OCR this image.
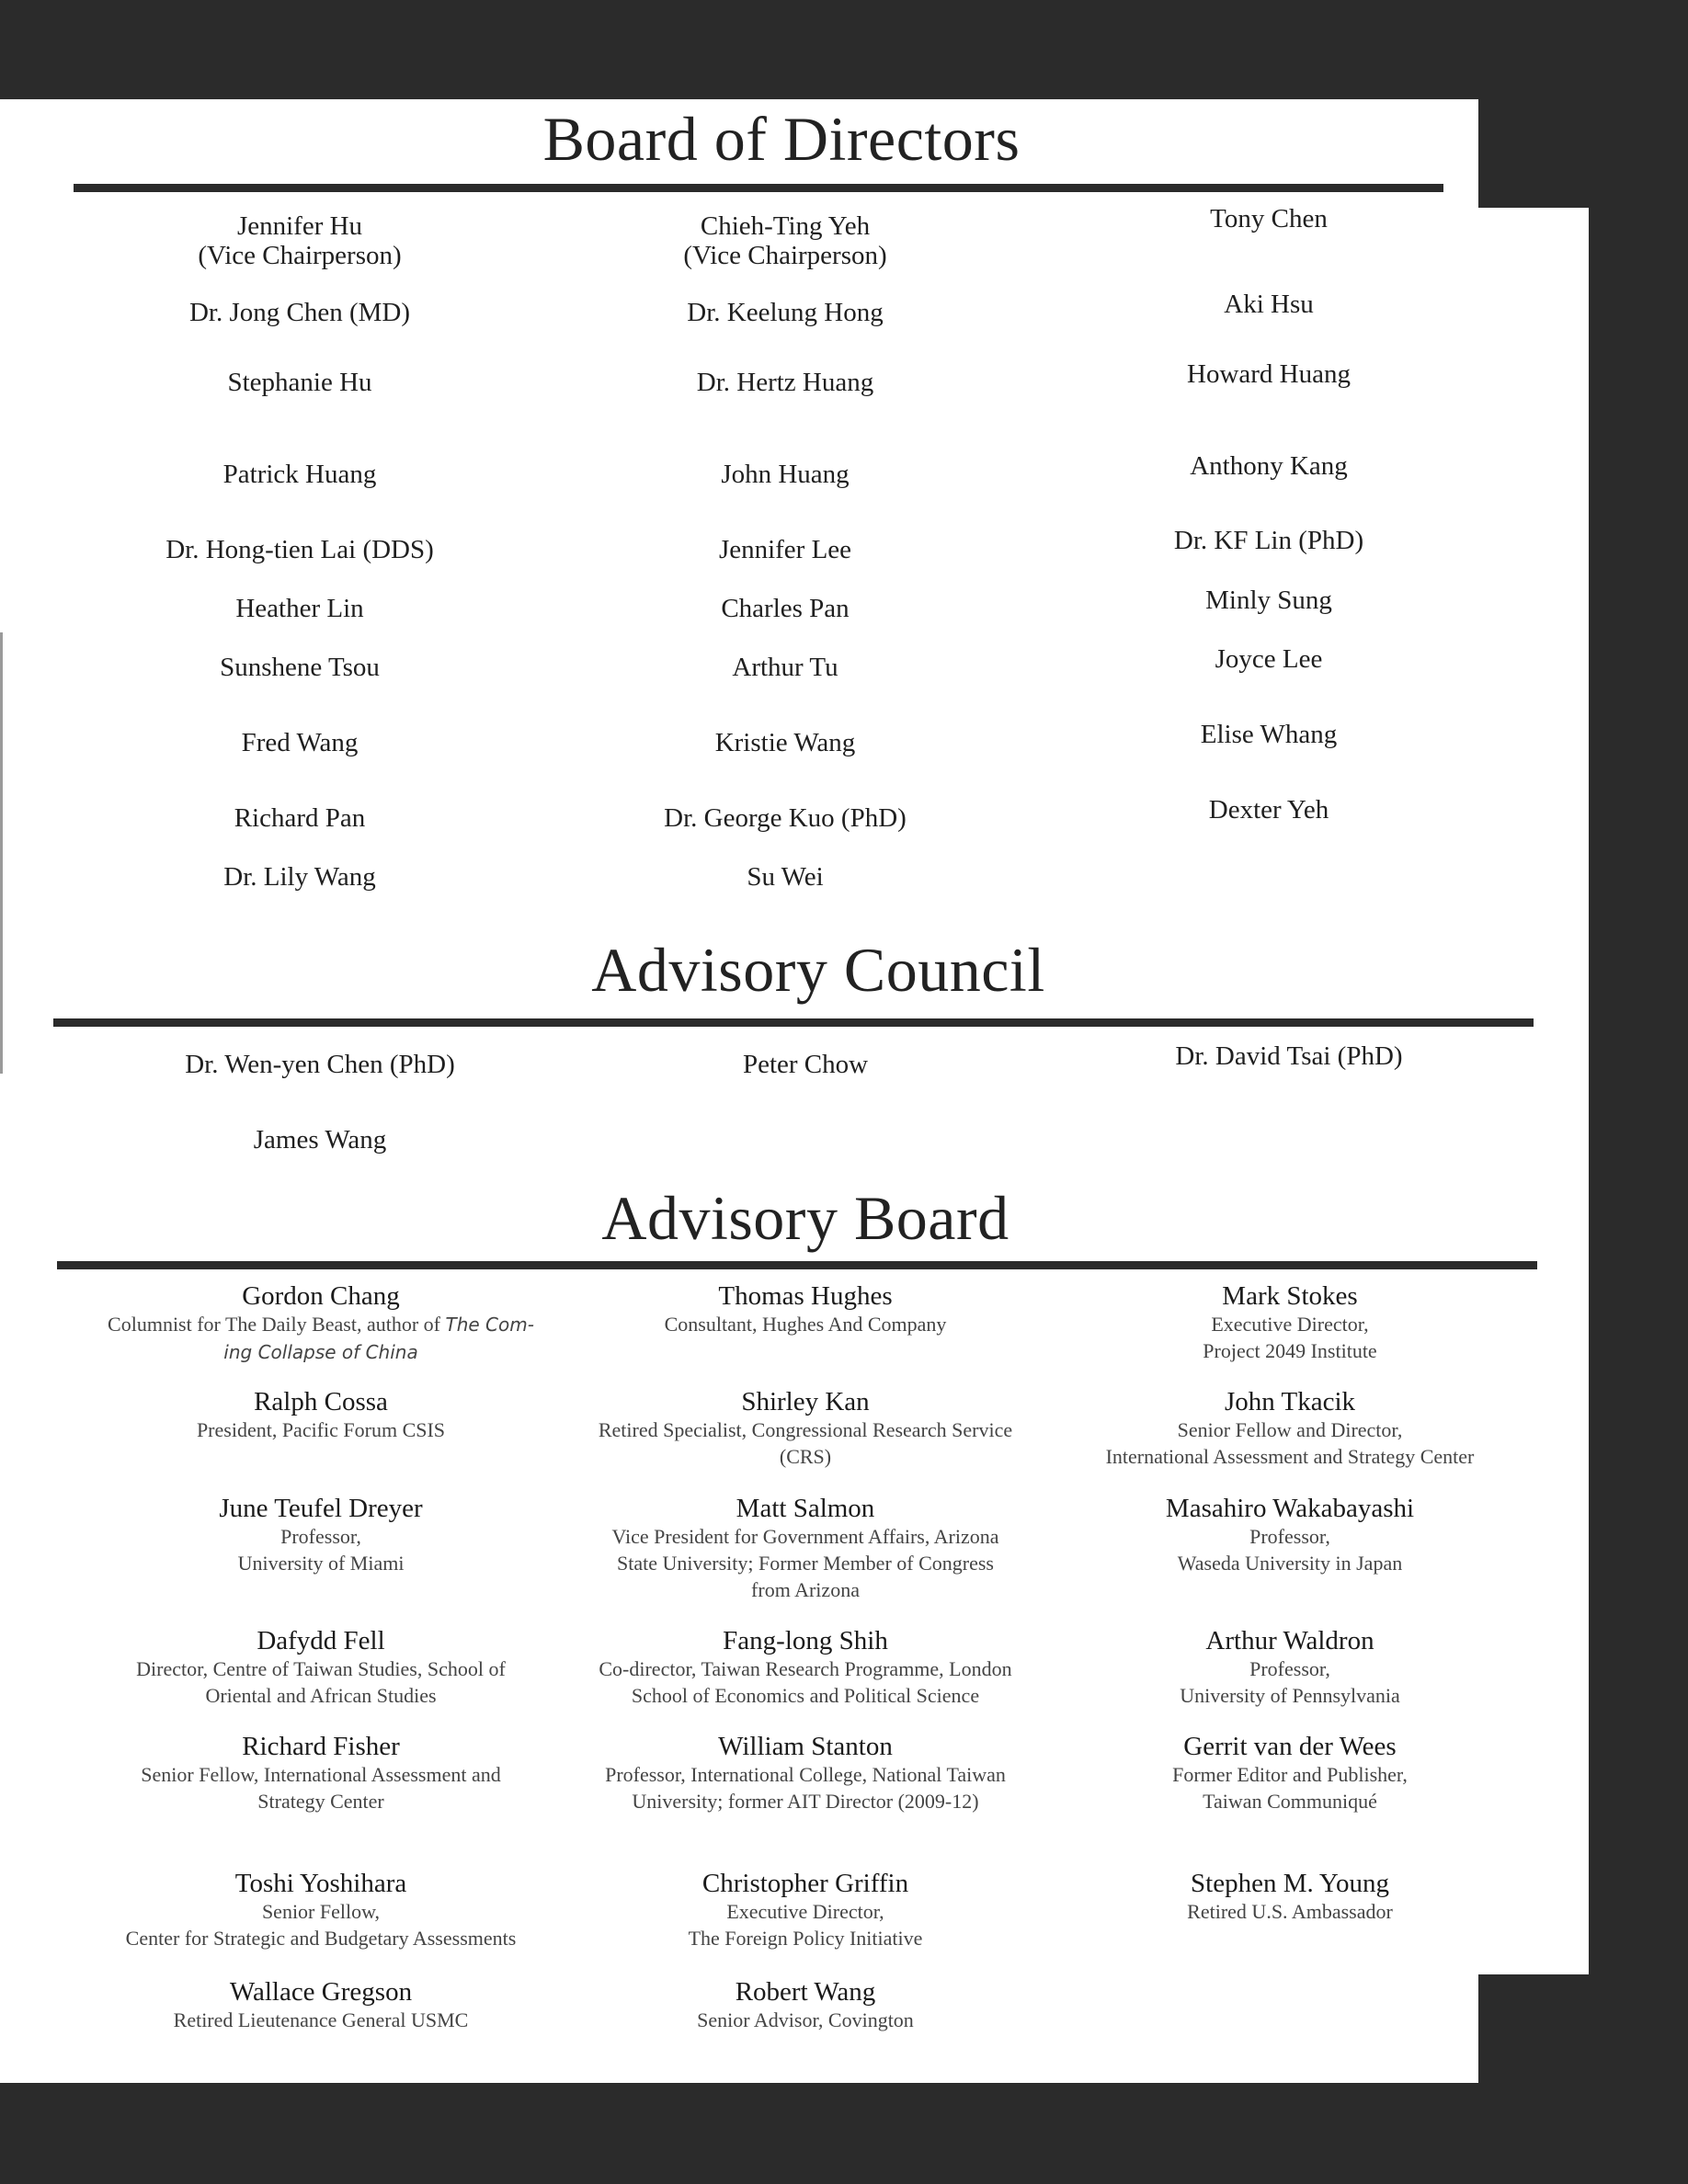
Board of Directors
Jennifer Hu
(Vice Chairperson)
Dr. Jong Chen (MD)
Stephanie Hu
Patrick Huang
Dr. Hong-tien Lai (DDS)
Heather Lin
Sunshene Tsou
Fred Wang
Richard Pan
Dr. Lily Wang
Chieh-Ting Yeh
(Vice Chairperson)
Dr. Keelung Hong
Dr. Hertz Huang
John Huang
Jennifer Lee
Charles Pan
Arthur Tu
Kristie Wang
Dr. George Kuo (PhD)
Su Wei
Tony Chen
Aki Hsu
Howard Huang
Anthony Kang
Dr. KF Lin (PhD)
Minly Sung
Joyce Lee
Elise Whang
Dexter Yeh
Advisory Council
Dr. Wen-yen Chen (PhD)	Peter Chow	Dr. David Tsai (PhD)
James Wang
Advisory Board
Gordon Chang
Columnist for The Daily Beast, author of The Com-
ing Collapse of China
Ralph Cossa
President, Pacific Forum CSIS
June Teufel Dreyer
Professor,
University of Miami
Dafydd Fell
Director, Centre of Taiwan Studies, School of
Oriental and African Studies
Richard Fisher
Senior Fellow, International Assessment and
Strategy Center
Toshi Yoshihara
Senior Fellow,
Center for Strategic and Budgetary Assessments
Wallace Gregson
Retired Lieutenance General USMC
Thomas Hughes
Consultant, Hughes And Company
Shirley Kan
Retired Specialist, Congressional Research Service
(CRS)
Matt Salmon
Vice President for Government Affairs, Arizona
State University; Former Member of Congress
from Arizona
Fang-long Shih
Co-director, Taiwan Research Programme, London
School of Economics and Political Science
William Stanton
Professor, International College, National Taiwan
University; former AIT Director (2009-12)
Christopher Griffin
Executive Director,
The Foreign Policy Initiative
Robert Wang
Senior Advisor, Covington
Mark Stokes
Executive Director,
Project 2049 Institute
John Tkacik
Senior Fellow and Director,
International Assessment and Strategy Center
Masahiro Wakabayashi
Professor,
Waseda University in Japan
Arthur Waldron
Professor,
University of Pennsylvania
Gerrit van der Wees
Former Editor and Publisher,
Taiwan Communiqué
Stephen M. Young
Retired U.S. Ambassador
